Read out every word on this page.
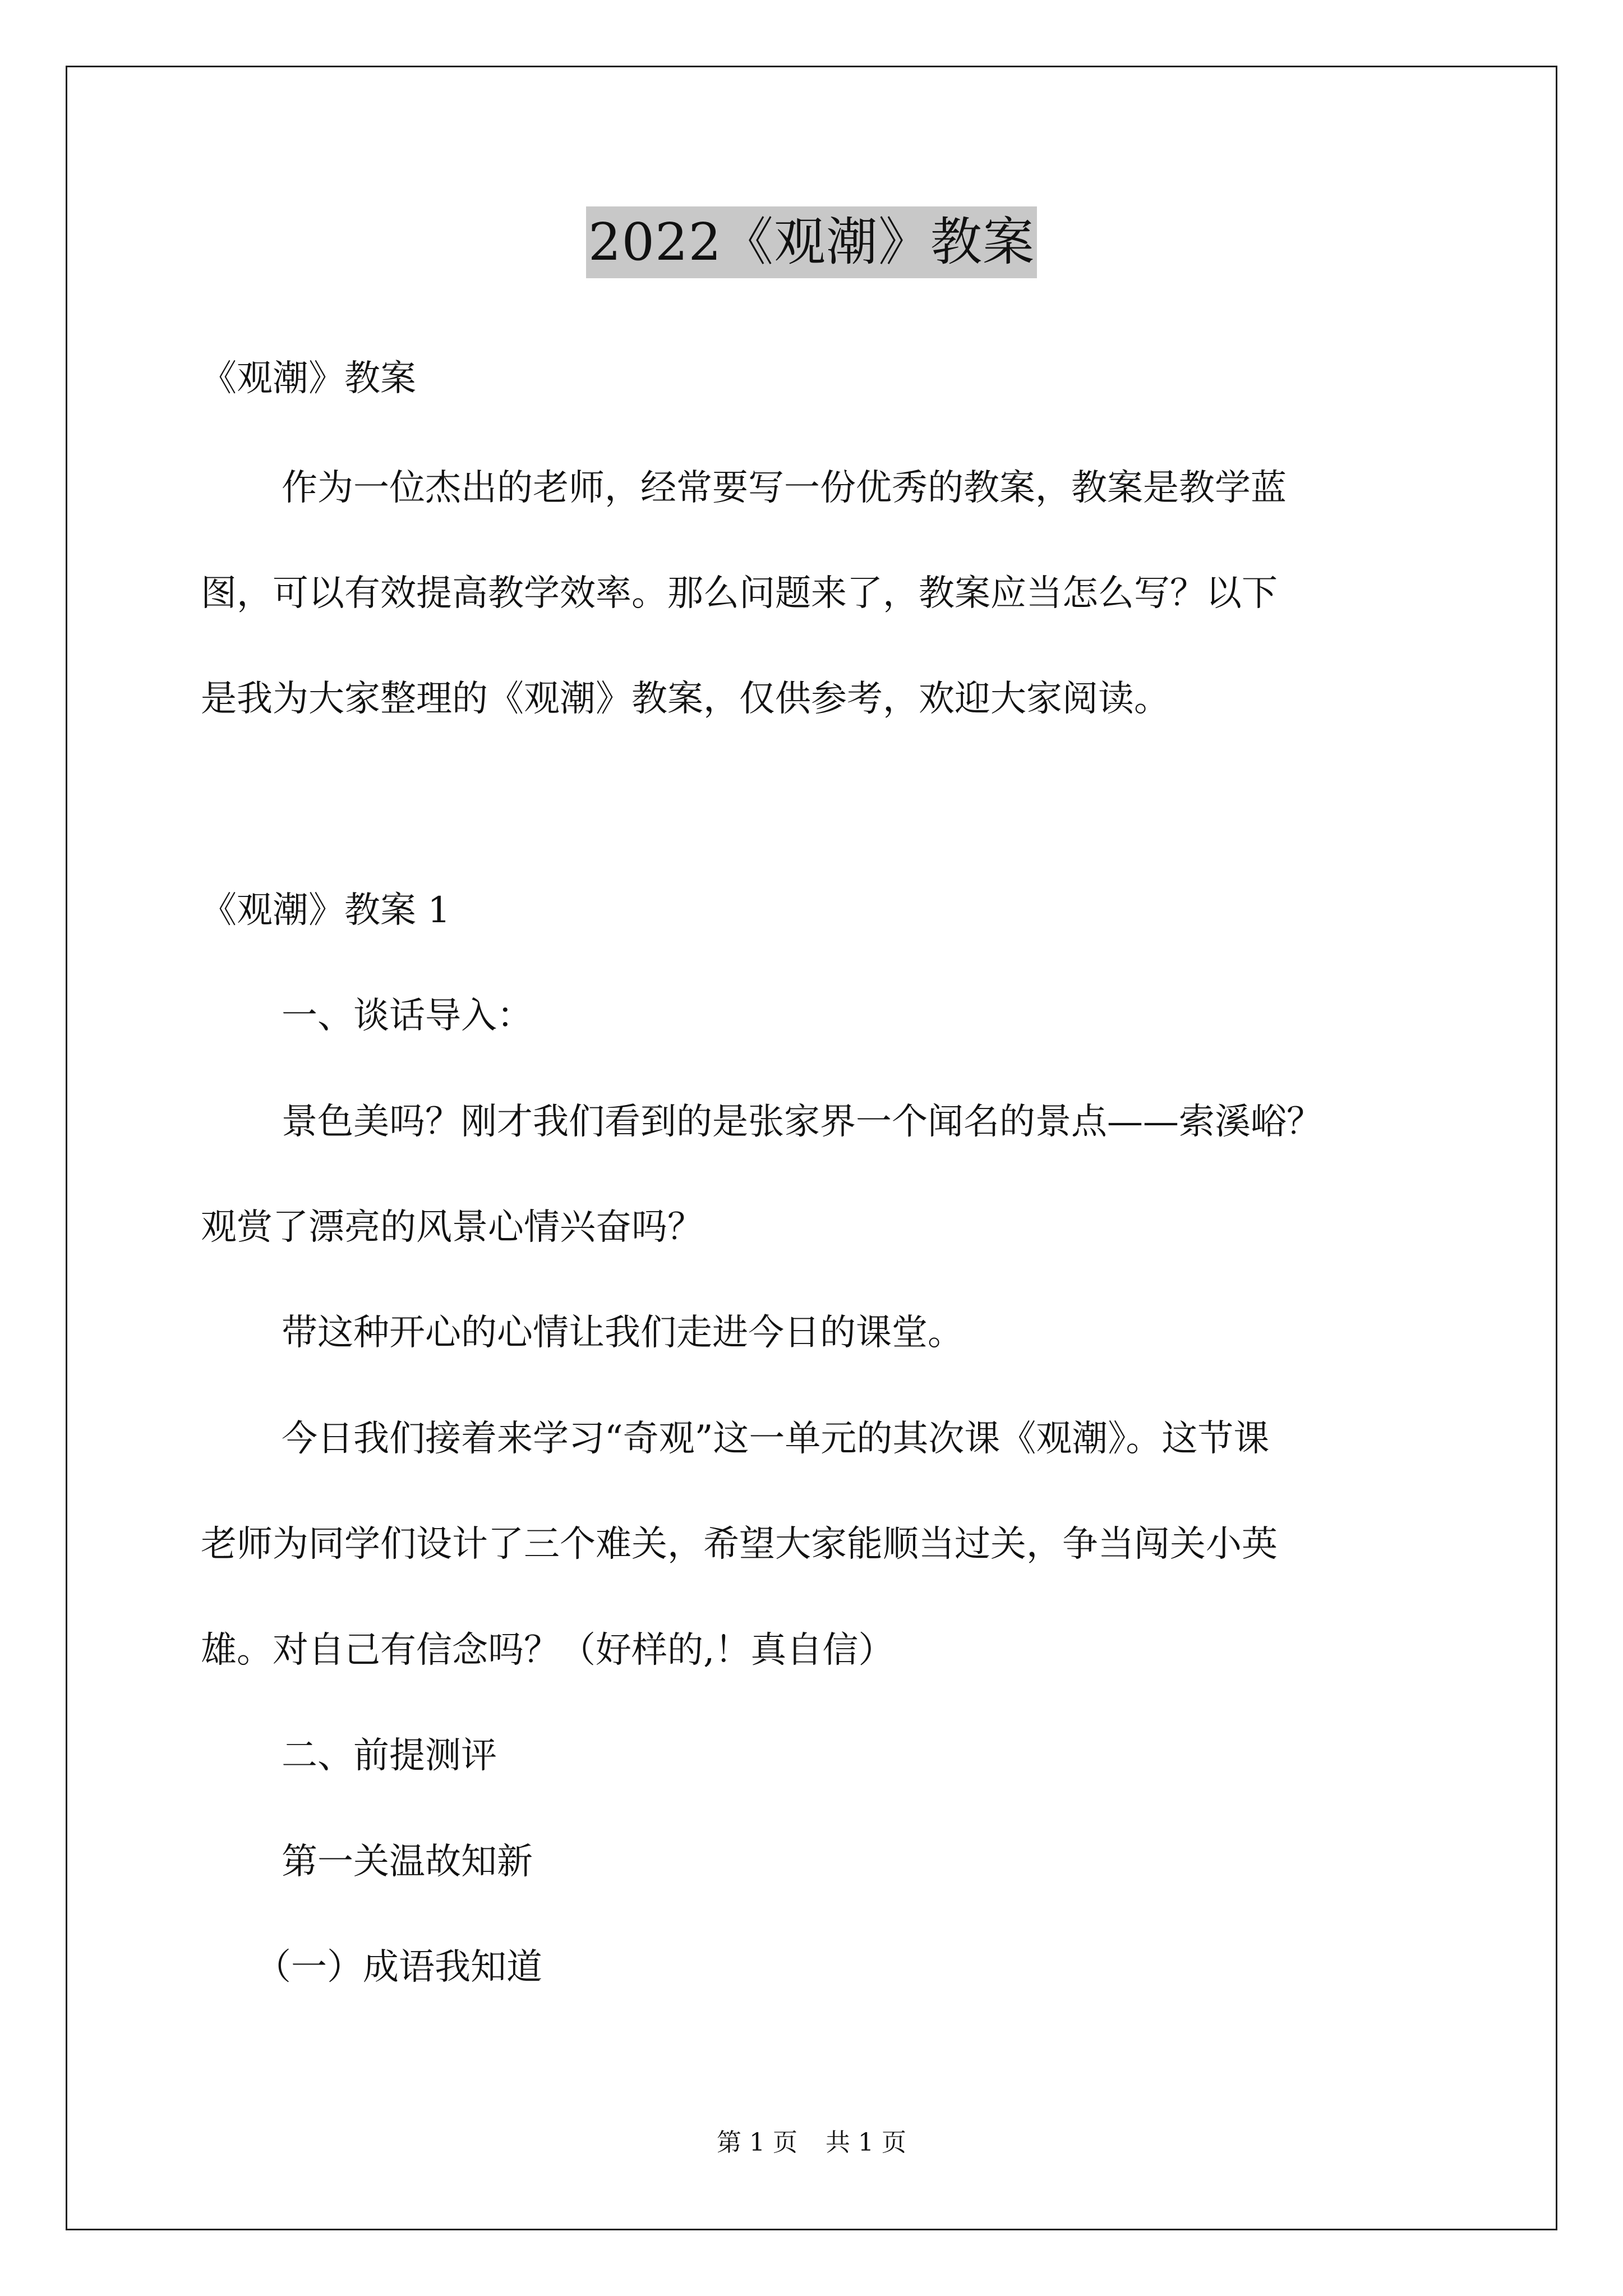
2022《观潮》教案
《观潮》教案
作为一位杰出的老师，经常要写一份优秀的教案，教案是教学蓝
图，可以有效提高教学效率。那么问题来了，教案应当怎么写？以下
是我为大家整理的《观潮》教案，仅供参考，欢迎大家阅读。
《观潮》教案 1
一、谈话导入：
景色美吗？刚才我们看到的是张家界一个闻名的景点——索溪峪？
观赏了漂亮的风景心情兴奋吗？
带这种开心的心情让我们走进今日的课堂。
今日我们接着来学习“奇观”这一单元的其次课《观潮》。这节课
老师为同学们设计了三个难关，希望大家能顺当过关，争当闯关小英
雄。对自己有信念吗？（好样的,！真自信）
二、前提测评
第一关温故知新
（一）成语我知道
第 1 页 共 1 页
